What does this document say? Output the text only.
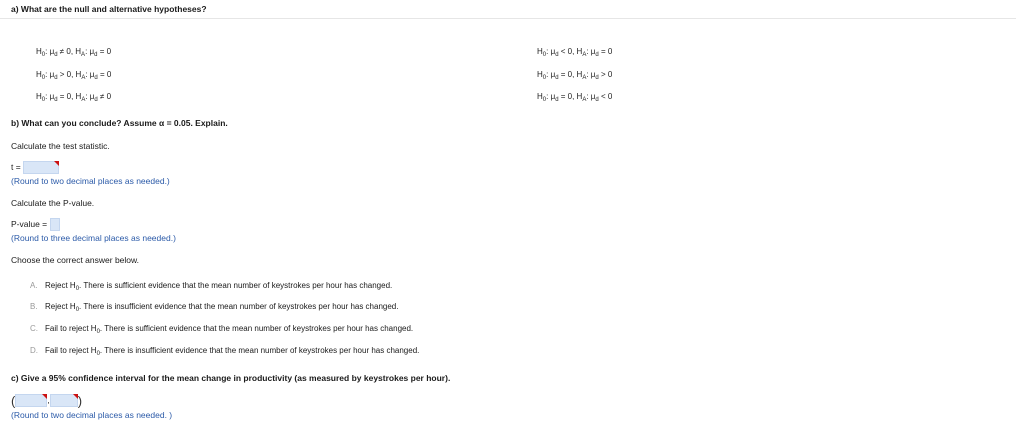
a) What are the null and alternative hypotheses?
$H_0$: $\mu_d \ne 0$, $H_A$: $\mu_d = 0$
$H_0$: $\mu_d > 0$, $H_A$: $\mu_d = 0$
$H_0$: $\mu_d = 0$, $H_A$: $\mu_d \ne 0$
$H_0$: $\mu_d < 0$, $H_A$: $\mu_d = 0$
$H_0$: $\mu_d = 0$, $H_A$: $\mu_d > 0$
$H_0$: $\mu_d = 0$, $H_A$: $\mu_d < 0$
b) What can you conclude? Assume α = 0.05. Explain.
Calculate the test statistic.
t =
(Round to two decimal places as needed.)
Calculate the P-value.
P-value =
(Round to three decimal places as needed.)
Choose the correct answer below.
A. Reject $H_0$. There is sufficient evidence that the mean number of keystrokes per hour has changed.
B. Reject $H_0$. There is insufficient evidence that the mean number of keystrokes per hour has changed.
C. Fail to reject $H_0$. There is sufficient evidence that the mean number of keystrokes per hour has changed.
D. Fail to reject $H_0$. There is insufficient evidence that the mean number of keystrokes per hour has changed.
c) Give a 95% confidence interval for the mean change in productivity (as measured by keystrokes per hour).
(	, )
(Round to two decimal places as needed. )
